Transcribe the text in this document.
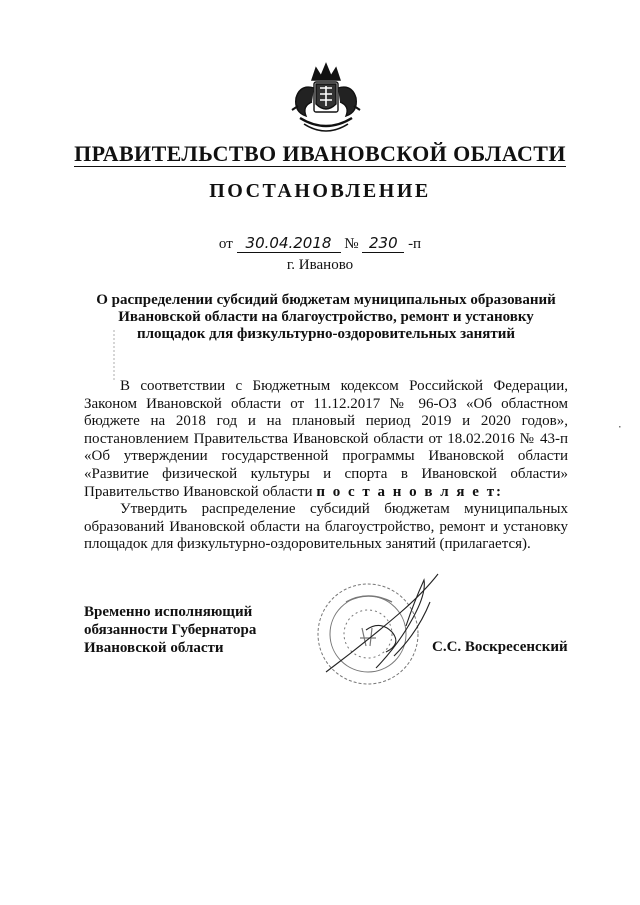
ПРАВИТЕЛЬСТВО ИВАНОВСКОЙ ОБЛАСТИ
ПОСТАНОВЛЕНИЕ
от 30.04.2018 № 230 -п
г. Иваново
О распределении субсидий бюджетам муниципальных образований
Ивановской области на благоустройство, ремонт и установку
площадок для физкультурно-оздоровительных занятий

В соответствии с Бюджетным кодексом Российской Федерации, Законом Ивановской области от 11.12.2017 № 96-ОЗ «Об областном бюджете на 2018 год и на плановый период 2019 и 2020 годов», постановлением Правительства Ивановской области от 18.02.2016 № 43-п «Об утверждении государственной программы Ивановской области «Развитие физической культуры и спорта в Ивановской области» Правительство Ивановской области п о с т а н о в л я е т:

Утвердить распределение субсидий бюджетам муниципальных образований Ивановской области на благоустройство, ремонт и установку площадок для физкультурно-оздоровительных занятий (прилагается).

Временно исполняющий
обязанности Губернатора
Ивановской области	С.С. Воскресенский
